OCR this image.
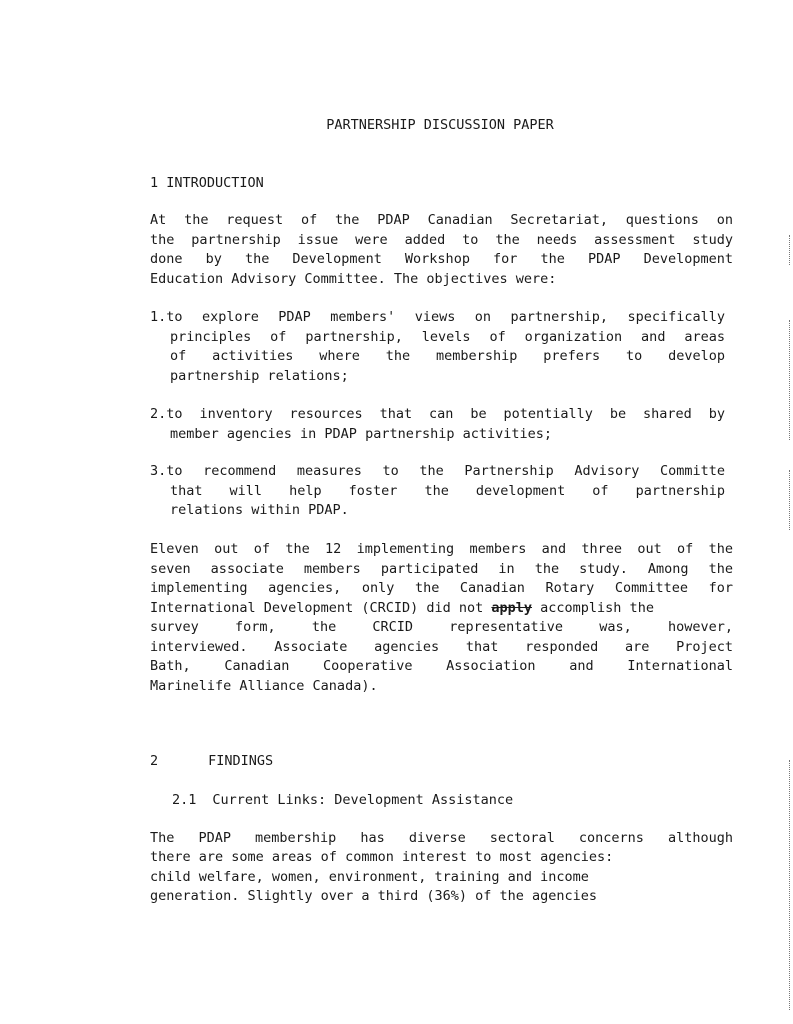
PARTNERSHIP DISCUSSION PAPER
1 INTRODUCTION
At the request of the PDAP Canadian Secretariat, questions on
the partnership issue were added to the needs assessment study
done by the Development Workshop for the PDAP Development
Education Advisory Committee. The objectives were:
1.to explore PDAP members' views on partnership, specifically
principles of partnership, levels of organization and areas
of activities where the membership prefers to develop
partnership relations;
2.to inventory resources that can be potentially be shared by
member agencies in PDAP partnership activities;
3.to recommend measures to the Partnership Advisory Committe
that will help foster the development of partnership
relations within PDAP.
Eleven out of the 12 implementing members and three out of the
seven associate members participated in the study. Among the
implementing agencies, only the Canadian Rotary Committee for
International Development (CRCID) did not apply accomplish the
survey form, the CRCID representative was, however,
interviewed. Associate agencies that responded are Project
Bath, Canadian Cooperative Association and International
Marinelife Alliance Canada).
2	FINDINGS
2.1 Current Links: Development Assistance
The PDAP membership has diverse sectoral concerns although
there are some areas of common interest to most agencies:
child welfare, women, environment, training and income
generation. Slightly over a third (36%) of the agencies
